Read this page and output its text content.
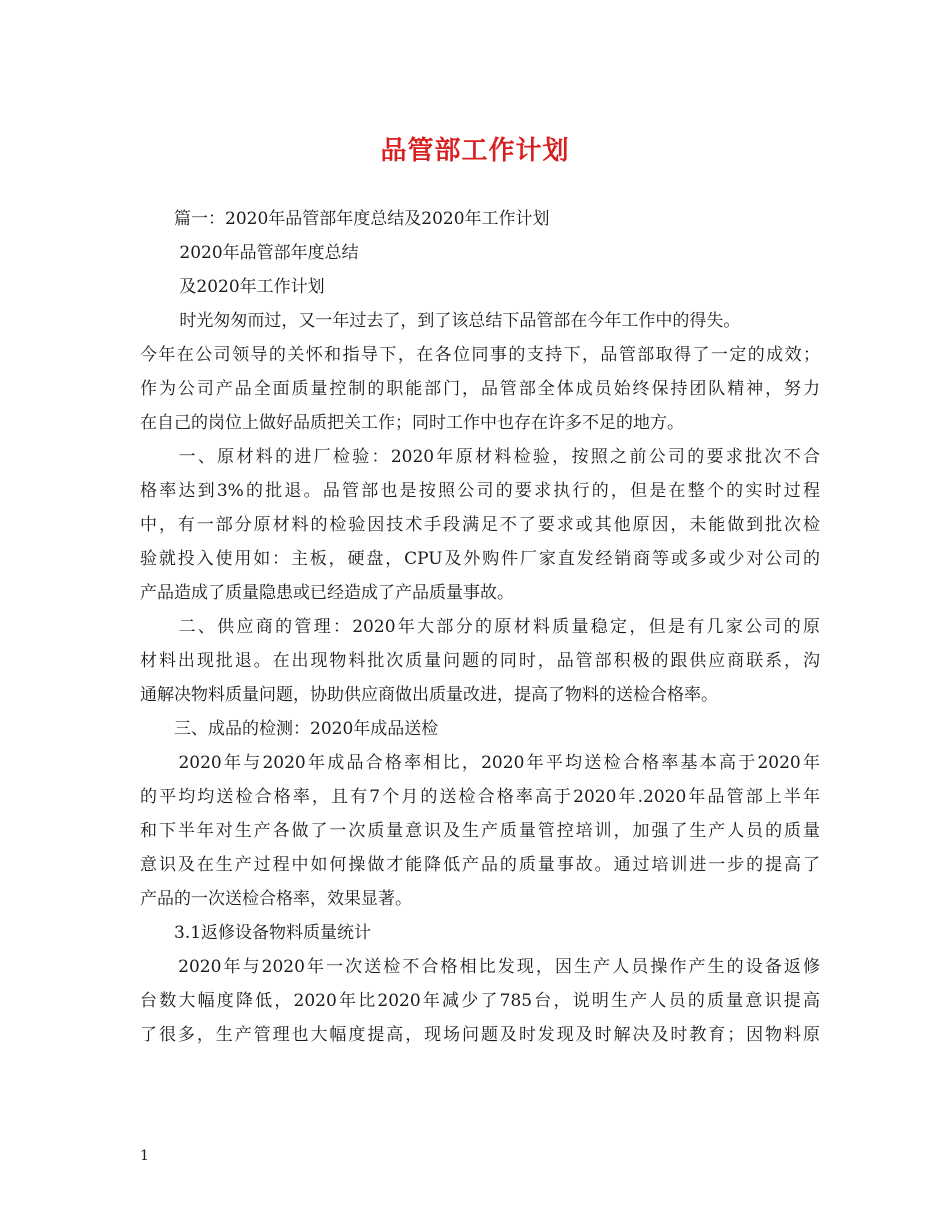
品管部工作计划
　　篇一：2020年品管部年度总结及2020年工作计划
　　 2020年品管部年度总结
　　 及2020年工作计划
　　 时光匆匆而过，又一年过去了，到了该总结下品管部在今年工作中的得失。
今年在公司领导的关怀和指导下，在各位同事的支持下，品管部取得了一定的成效；
作为公司产品全面质量控制的职能部门，品管部全体成员始终保持团队精神，努力
在自己的岗位上做好品质把关工作；同时工作中也存在许多不足的地方。
　　一、原材料的进厂检验：2020年原材料检验，按照之前公司的要求批次不合
格率达到3%的批退。品管部也是按照公司的要求执行的，但是在整个的实时过程
中，有一部分原材料的检验因技术手段满足不了要求或其他原因，未能做到批次检
验就投入使用如：主板，硬盘，CPU及外购件厂家直发经销商等或多或少对公司的
产品造成了质量隐患或已经造成了产品质量事故。
　　二、供应商的管理：2020年大部分的原材料质量稳定，但是有几家公司的原
材料出现批退。在出现物料批次质量问题的同时，品管部积极的跟供应商联系，沟
通解决物料质量问题，协助供应商做出质量改进，提高了物料的送检合格率。
　　三、成品的检测：2020年成品送检
　　2020年与2020年成品合格率相比，2020年平均送检合格率基本高于2020年
的平均均送检合格率，且有7个月的送检合格率高于2020年.2020年品管部上半年
和下半年对生产各做了一次质量意识及生产质量管控培训，加强了生产人员的质量
意识及在生产过程中如何操做才能降低产品的质量事故。通过培训进一步的提高了
产品的一次送检合格率，效果显著。
　　3.1返修设备物料质量统计
　　2020年与2020年一次送检不合格相比发现，因生产人员操作产生的设备返修
台数大幅度降低，2020年比2020年减少了785台，说明生产人员的质量意识提高
了很多，生产管理也大幅度提高，现场问题及时发现及时解决及时教育；因物料原
1
